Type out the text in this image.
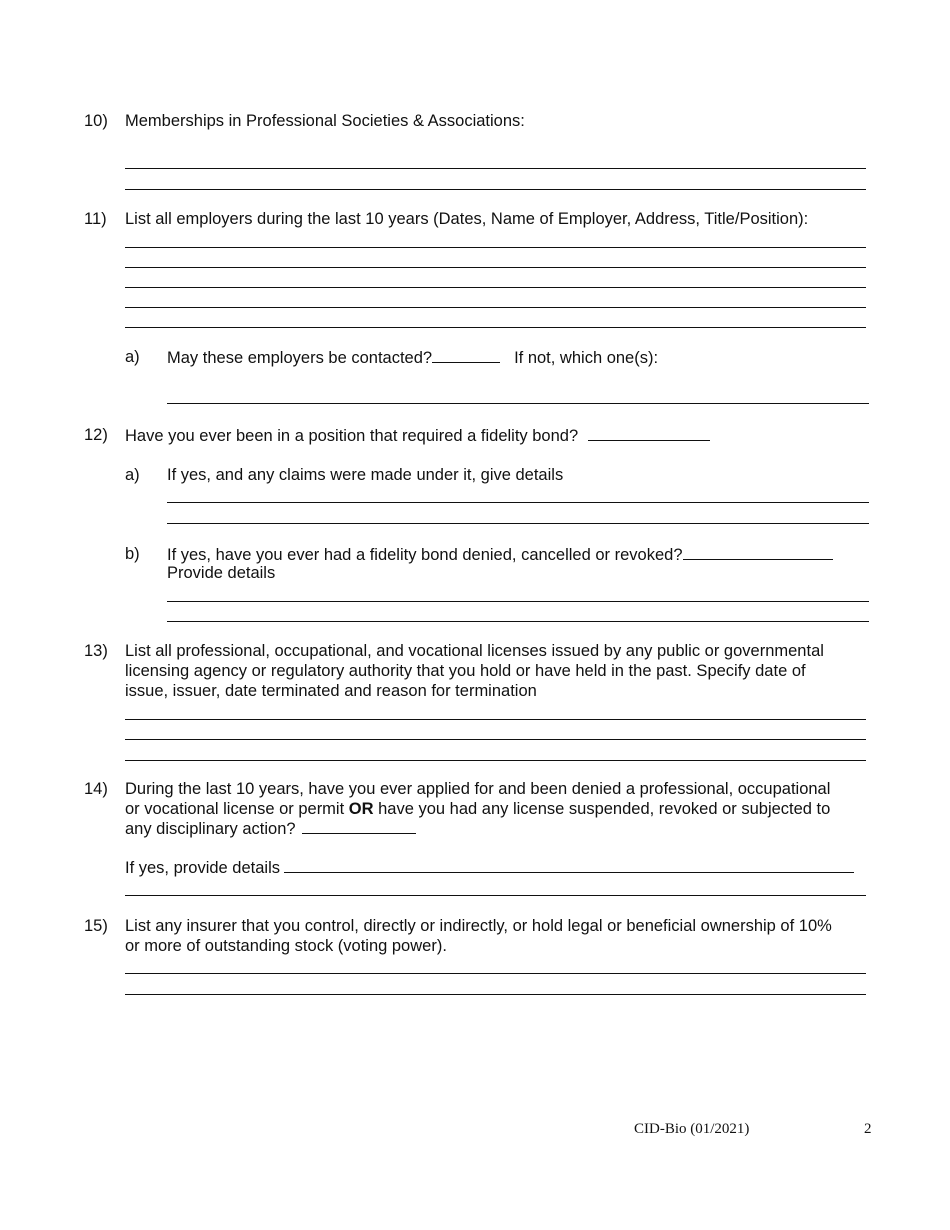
10) Memberships in Professional Societies & Associations:
11) List all employers during the last 10 years (Dates, Name of Employer, Address, Title/Position):
a) May these employers be contacted?	If not, which one(s):
12) Have you ever been in a position that required a fidelity bond?
a) If yes, and any claims were made under it, give details
b) If yes, have you ever had a fidelity bond denied, cancelled or revoked?
Provide details
13) List all professional, occupational, and vocational licenses issued by any public or governmental
licensing agency or regulatory authority that you hold or have held in the past. Specify date of
issue, issuer, date terminated and reason for termination
14) During the last 10 years, have you ever applied for and been denied a professional, occupational
or vocational license or permit OR have you had any license suspended, revoked or subjected to
any disciplinary action?
If yes, provide details
15) List any insurer that you control, directly or indirectly, or hold legal or beneficial ownership of 10%
or more of outstanding stock (voting power).
CID-Bio (01/2021)	2
